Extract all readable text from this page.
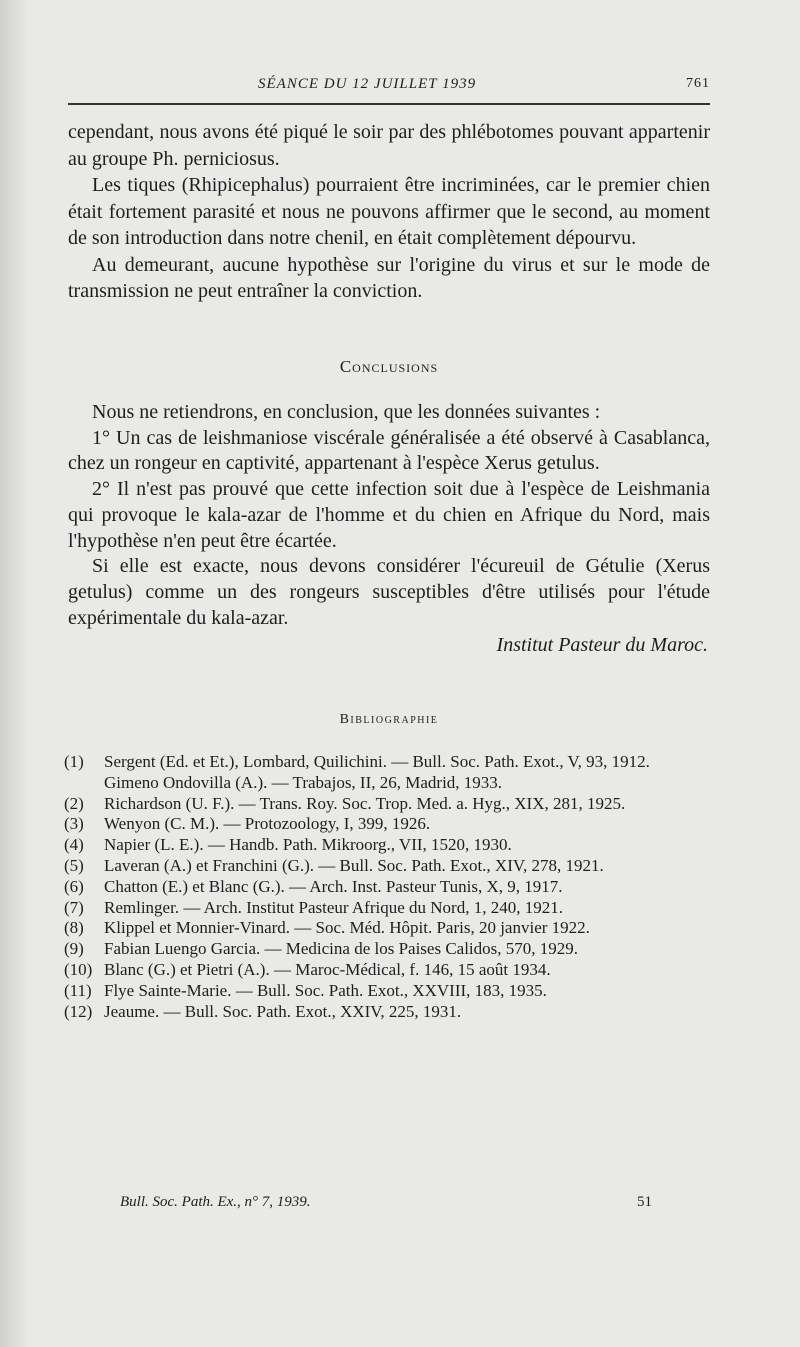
SÉANCE DU 12 JUILLET 1939	761

cependant, nous avons été piqué le soir par des phlébotomes pouvant appartenir au groupe Ph. perniciosus.

Les tiques (Rhipicephalus) pourraient être incriminées, car le premier chien était fortement parasité et nous ne pouvons affirmer que le second, au moment de son introduction dans notre chenil, en était complètement dépourvu.

Au demeurant, aucune hypothèse sur l'origine du virus et sur le mode de transmission ne peut entraîner la conviction.

Conclusions

Nous ne retiendrons, en conclusion, que les données suivantes :

1° Un cas de leishmaniose viscérale généralisée a été observé à Casablanca, chez un rongeur en captivité, appartenant à l'espèce Xerus getulus.

2° Il n'est pas prouvé que cette infection soit due à l'espèce de Leishmania qui provoque le kala-azar de l'homme et du chien en Afrique du Nord, mais l'hypothèse n'en peut être écartée.

Si elle est exacte, nous devons considérer l'écureuil de Gétulie (Xerus getulus) comme un des rongeurs susceptibles d'être utilisés pour l'étude expérimentale du kala-azar.

Institut Pasteur du Maroc.

Bibliographie

(1) Sergent (Ed. et Et.), Lombard, Quilichini. — Bull. Soc. Path. Exot., V, 93, 1912.

Gimeno Ondovilla (A.). — Trabajos, II, 26, Madrid, 1933.

(2) Richardson (U. F.). — Trans. Roy. Soc. Trop. Med. a. Hyg., XIX, 281, 1925.

(3) Wenyon (C. M.). — Protozoology, I, 399, 1926.

(4) Napier (L. E.). — Handb. Path. Mikroorg., VII, 1520, 1930.

(5) Laveran (A.) et Franchini (G.). — Bull. Soc. Path. Exot., XIV, 278, 1921.

(6) Chatton (E.) et Blanc (G.). — Arch. Inst. Pasteur Tunis, X, 9, 1917.

(7) Remlinger. — Arch. Institut Pasteur Afrique du Nord, 1, 240, 1921.

(8) Klippel et Monnier-Vinard. — Soc. Méd. Hôpit. Paris, 20 janvier 1922.

(9) Fabian Luengo Garcia. — Medicina de los Paises Calidos, 570, 1929.

(10) Blanc (G.) et Pietri (A.). — Maroc-Médical, f. 146, 15 août 1934.

(11) Flye Sainte-Marie. — Bull. Soc. Path. Exot., XXVIII, 183, 1935.

(12) Jeaume. — Bull. Soc. Path. Exot., XXIV, 225, 1931.

Bull. Soc. Path. Ex., n° 7, 1939.	51
